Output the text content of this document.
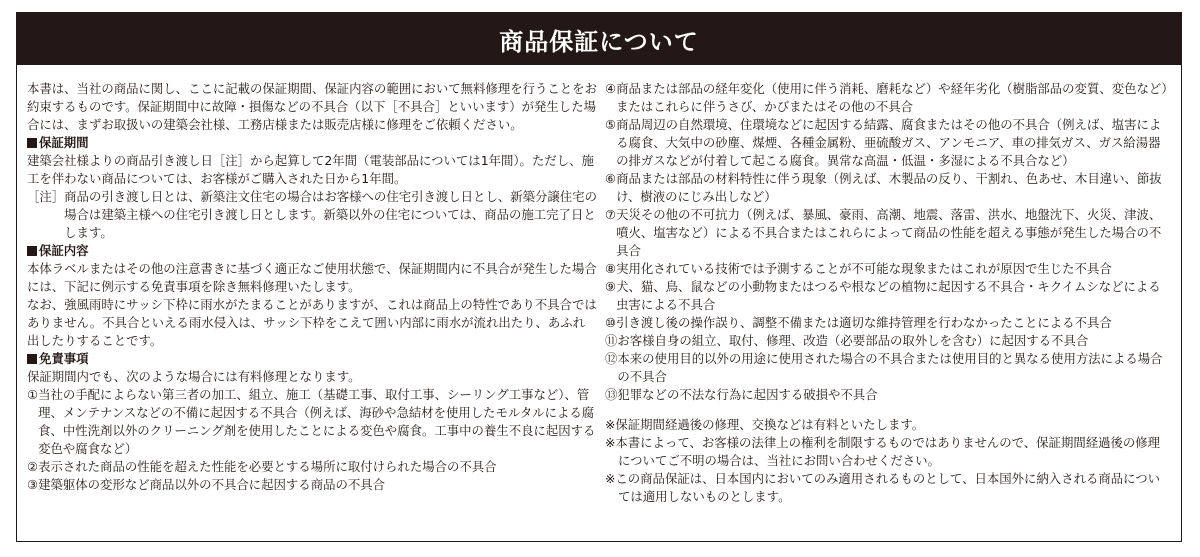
商品保証について

本書は、当社の商品に関し、ここに記載の保証期間、保証内容の範囲において無料修理を行うことをお約束するものです。保証期間中に故障・損傷などの不具合（以下［不具合］といいます）が発生した場合には、まずお取扱いの建築会社様、工務店様または販売店様に修理をご依頼ください。

保証期間

建築会社様よりの商品引き渡し日［注］から起算して2年間（電装部品については1年間）。ただし、施工を伴わない商品については、お客様がご購入された日から1年間。

［注］ 商品の引き渡し日とは、新築注文住宅の場合はお客様への住宅引き渡し日とし、新築分譲住宅の場合は建築主様への住宅引き渡し日とします。新築以外の住宅については、商品の施工完了日とします。

保証内容

本体ラベルまたはその他の注意書きに基づく適正なご使用状態で、保証期間内に不具合が発生した場合には、下記に例示する免責事項を除き無料修理いたします。

なお、強風雨時にサッシ下枠に雨水がたまることがありますが、これは商品上の特性であり不具合ではありません。不具合といえる雨水侵入は、サッシ下枠をこえて囲い内部に雨水が流れ出たり、あふれ出したりすることです。

免責事項

保証期間内でも、次のような場合には有料修理となります。

① 当社の手配によらない第三者の加工、組立、施工（基礎工事、取付工事、シーリング工事など）、管理、メンテナンスなどの不備に起因する不具合（例えば、海砂や急結材を使用したモルタルによる腐食、中性洗剤以外のクリーニング剤を使用したことによる変色や腐食。工事中の養生不良に起因する変色や腐食など）
② 表示された商品の性能を超えた性能を必要とする場所に取付けられた場合の不具合
③ 建築躯体の変形など商品以外の不具合に起因する商品の不具合
④ 商品または部品の経年変化（使用に伴う消耗、磨耗など）や経年劣化（樹脂部品の変質、変色など）またはこれらに伴うさび、かびまたはその他の不具合
⑤ 商品周辺の自然環境、住環境などに起因する結露、腐食またはその他の不具合（例えば、塩害による腐食、大気中の砂塵、煤煙、各種金属粉、亜硫酸ガス、アンモニア、車の排気ガス、ガス給湯器の排ガスなどが付着して起こる腐食。異常な高温・低温・多湿による不具合など）
⑥ 商品または部品の材料特性に伴う現象（例えば、木製品の反り、干割れ、色あせ、木目違い、節抜け、樹液のにじみ出しなど）
⑦ 天災その他の不可抗力（例えば、暴風、豪雨、高潮、地震、落雷、洪水、地盤沈下、火災、津波、噴火、塩害など）による不具合またはこれらによって商品の性能を超える事態が発生した場合の不具合
⑧ 実用化されている技術では予測することが不可能な現象またはこれが原因で生じた不具合
⑨ 犬、猫、鳥、鼠などの小動物またはつるや根などの植物に起因する不具合・キクイムシなどによる虫害による不具合
⑩ 引き渡し後の操作誤り、調整不備または適切な維持管理を行わなかったことによる不具合
⑪ お客様自身の組立、取付、修理、改造（必要部品の取外しを含む）に起因する不具合
⑫ 本来の使用目的以外の用途に使用された場合の不具合または使用目的と異なる使用方法による場合の不具合
⑬ 犯罪などの不法な行為に起因する破損や不具合

※保証期間経過後の修理、交換などは有料といたします。

※本書によって、お客様の法律上の権利を制限するものではありませんので、保証期間経過後の修理についてご不明の場合は、当社にお問い合わせください。

※この商品保証は、日本国内においてのみ適用されるものとして、日本国外に納入される商品については適用しないものとします。
